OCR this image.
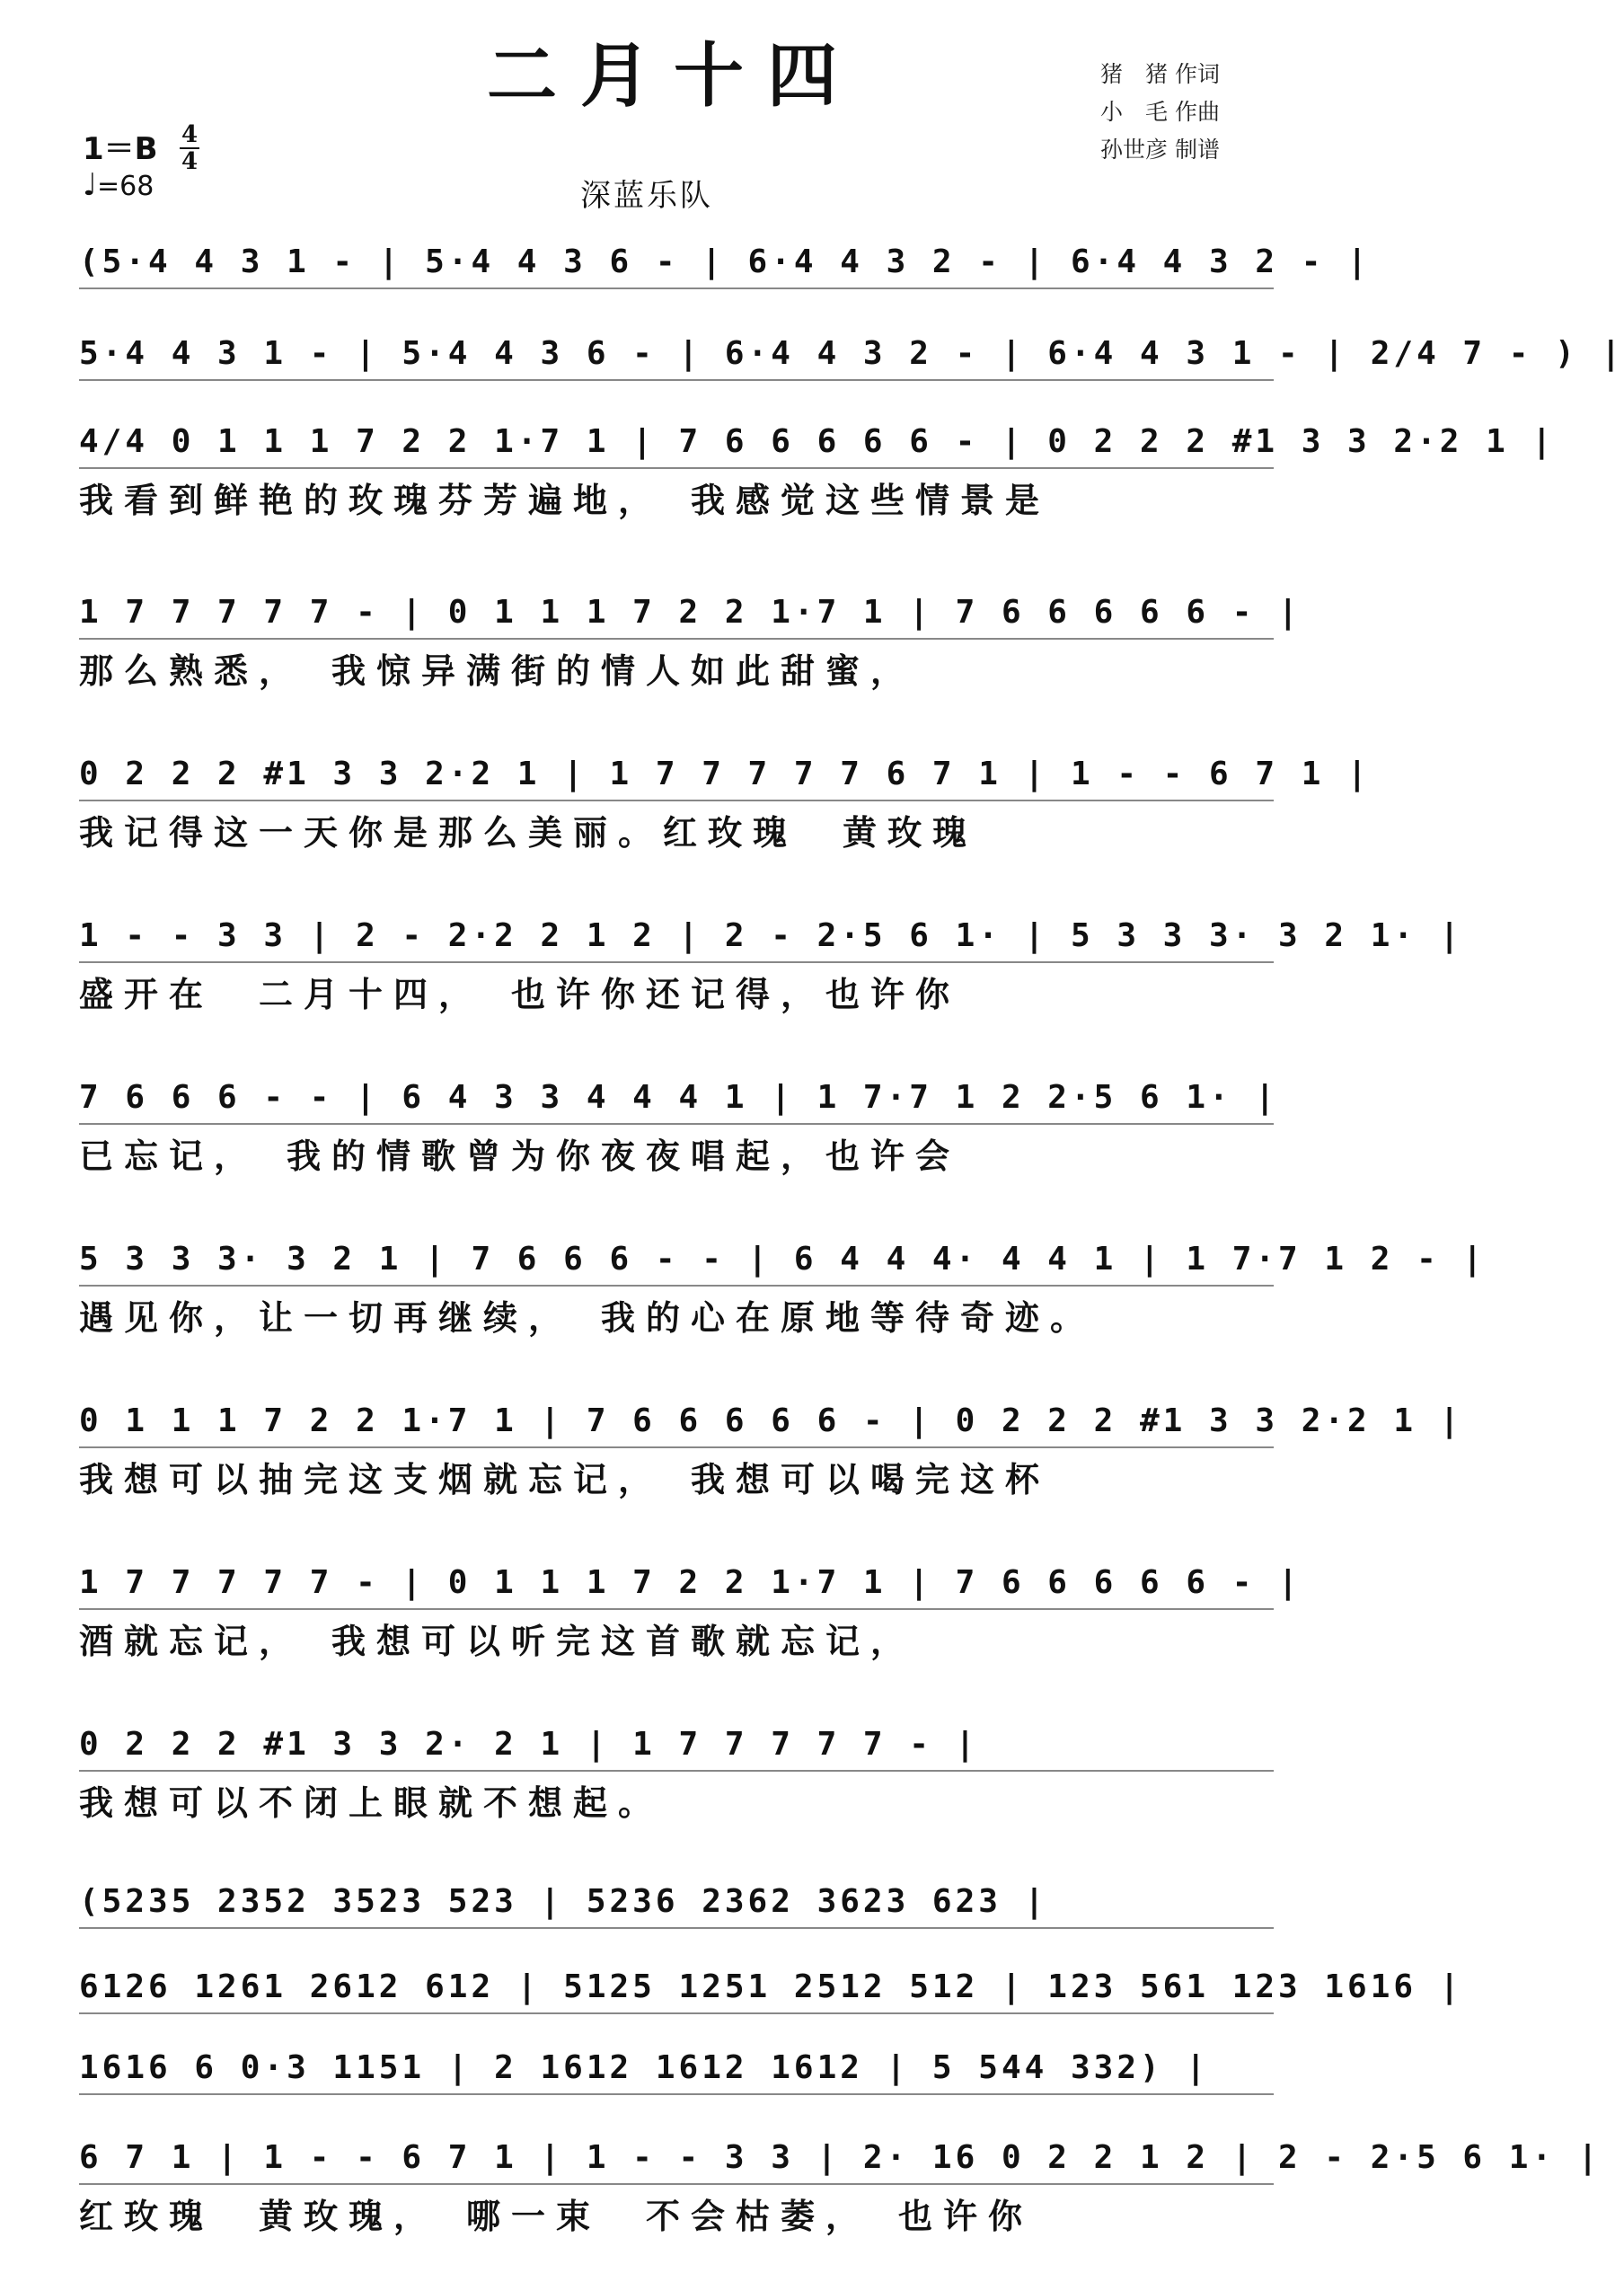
二月十四	猪　猪 作词
小　毛 作曲
孙世彦 制谱
1＝B 4
4
♩=68	深蓝乐队
(5·4 4 3 1 - | 5·4 4 3 6 - | 6·4 4 3 2 - | 6·4 4 3 2 - |
5·4 4 3 1 - | 5·4 4 3 6 - | 6·4 4 3 2 - | 6·4 4 3 1 - | 2/4 7 - ) |
4/4 0 1 1 1 7 2 2 1·7 1 | 7 6 6 6 6 6 - | 0 2 2 2 #1 3 3 2·2 1 |
我看到鲜艳的玫瑰芬芳遍地，　我感觉这些情景是
1 7 7 7 7 7 - | 0 1 1 1 7 2 2 1·7 1 | 7 6 6 6 6 6 - |
那么熟悉，　我惊异满街的情人如此甜蜜，
0 2 2 2 #1 3 3 2·2 1 | 1 7 7 7 7 7 6 7 1 | 1 - - 6 7 1 |
我记得这一天你是那么美丽。红玫瑰　黄玫瑰
1 - - 3 3 | 2 - 2·2 2 1 2 | 2 - 2·5 6 1· | 5 3 3 3· 3 2 1· |
盛开在　二月十四，　也许你还记得，也许你
7 6 6 6 - - | 6 4 3 3 4 4 4 1 | 1 7·7 1 2 2·5 6 1· |
已忘记，　我的情歌曾为你夜夜唱起，也许会
5 3 3 3· 3 2 1 | 7 6 6 6 - - | 6 4 4 4· 4 4 1 | 1 7·7 1 2 - |
遇见你，让一切再继续，　我的心在原地等待奇迹。
0 1 1 1 7 2 2 1·7 1 | 7 6 6 6 6 6 - | 0 2 2 2 #1 3 3 2·2 1 |
我想可以抽完这支烟就忘记，　我想可以喝完这杯
1 7 7 7 7 7 - | 0 1 1 1 7 2 2 1·7 1 | 7 6 6 6 6 6 - |
酒就忘记，　我想可以听完这首歌就忘记，
0 2 2 2 #1 3 3 2· 2 1 | 1 7 7 7 7 7 - |
我想可以不闭上眼就不想起。
(5235 2352 3523 523 | 5236 2362 3623 623 |
6126 1261 2612 612 | 5125 1251 2512 512 | 123 561 123 1616 |
1616 6 0·3 1151 | 2 1612 1612 1612 | 5 544 332) |
6 7 1 | 1 - - 6 7 1 | 1 - - 3 3 | 2· 16 0 2 2 1 2 | 2 - 2·5 6 1· |
红玫瑰　黄玫瑰，　哪一束　不会枯萎，　也许你
